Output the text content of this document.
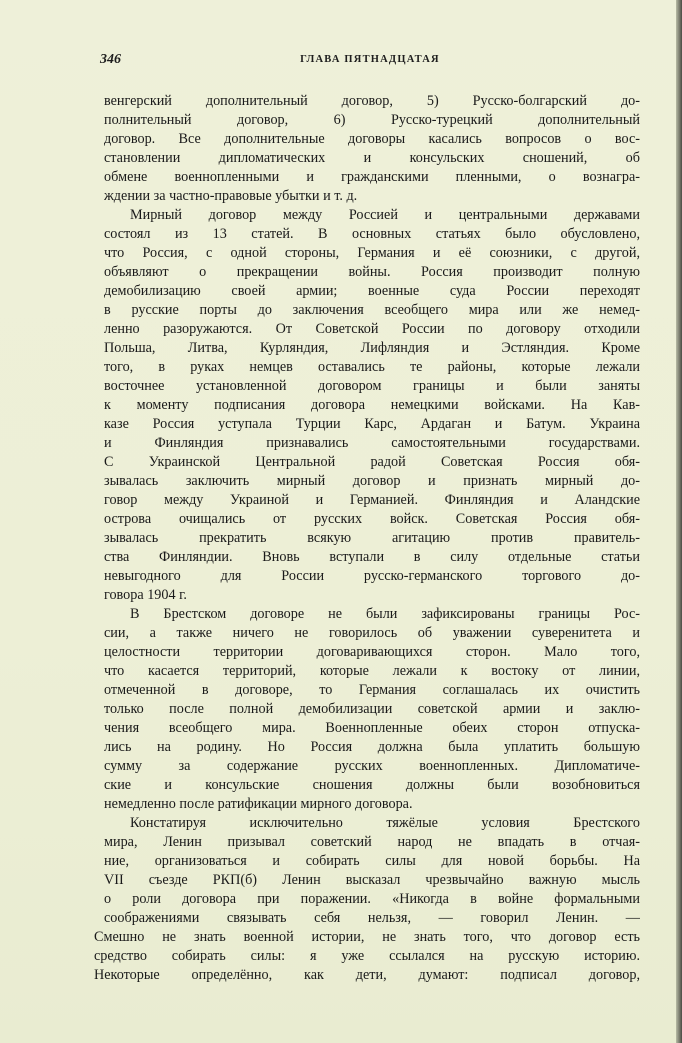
346	ГЛАВА ПЯТНАДЦАТАЯ
венгерский дополнительный договор, 5) Русско-болгарский до-
полнительный договор, 6) Русско-турецкий дополнительный
договор. Все дополнительные договоры касались вопросов о вос-
становлении дипломатических и консульских сношений, об
обмене военнопленными и гражданскими пленными, о вознагра-
ждении за частно-правовые убытки и т. д.
Мирный договор между Россией и центральными державами
состоял из 13 статей. В основных статьях было обусловлено,
что Россия, с одной стороны, Германия и её союзники, с другой,
объявляют о прекращении войны. Россия производит полную
демобилизацию своей армии; военные суда России переходят
в русские порты до заключения всеобщего мира или же немед-
ленно разоружаются. От Советской России по договору отходили
Польша, Литва, Курляндия, Лифляндия и Эстляндия. Кроме
того, в руках немцев оставались те районы, которые лежали
восточнее установленной договором границы и были заняты
к моменту подписания договора немецкими войсками. На Кав-
казе Россия уступала Турции Карс, Ардаган и Батум. Украина
и Финляндия признавались самостоятельными государствами.
С Украинской Центральной радой Советская Россия обя-
зывалась заключить мирный договор и признать мирный до-
говор между Украиной и Германией. Финляндия и Аландские
острова очищались от русских войск. Советская Россия обя-
зывалась прекратить всякую агитацию против правитель-
ства Финляндии. Вновь вступали в силу отдельные статьи
невыгодного для России русско-германского торгового до-
говора 1904 г.
В Брестском договоре не были зафиксированы границы Рос-
сии, а также ничего не говорилось об уважении суверенитета и
целостности территории договаривающихся сторон. Мало того,
что касается территорий, которые лежали к востоку от линии,
отмеченной в договоре, то Германия соглашалась их очистить
только после полной демобилизации советской армии и заклю-
чения всеобщего мира. Военнопленные обеих сторон отпуска-
лись на родину. Но Россия должна была уплатить большую
сумму за содержание русских военнопленных. Дипломатиче-
ские и консульские сношения должны были возобновиться
немедленно после ратификации мирного договора.
Констатируя исключительно тяжёлые условия Брестского
мира, Ленин призывал советский народ не впадать в отчая-
ние, организоваться и собирать силы для новой борьбы. На
VII съезде РКП(б) Ленин высказал чрезвычайно важную мысль
о роли договора при поражении. «Никогда в войне формальными
соображениями связывать себя нельзя, — говорил Ленин. —
Смешно не знать военной истории, не знать того, что договор есть
средство собирать силы: я уже ссылался на русскую историю.
Некоторые определённо, как дети, думают: подписал договор,
